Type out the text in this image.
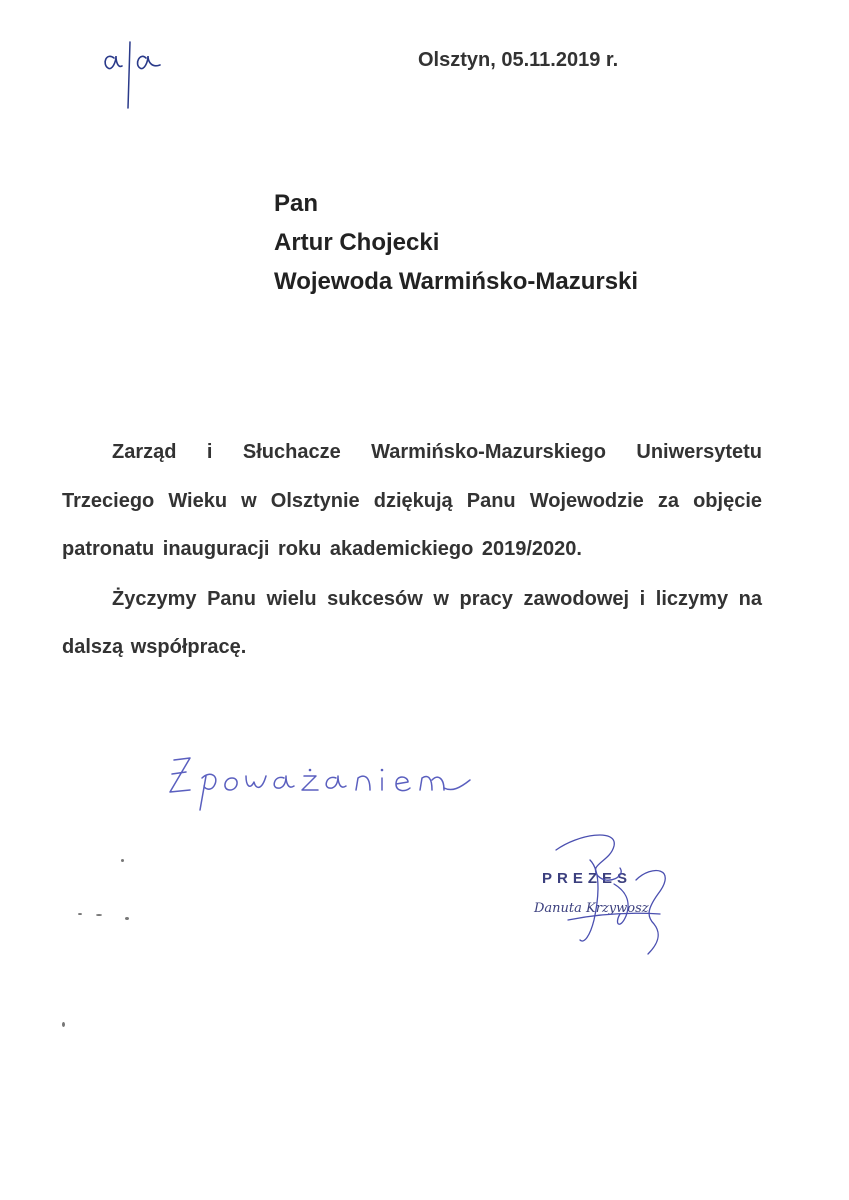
Olsztyn, 05.11.2019 r.
Pan
Artur Chojecki
Wojewoda Warmińsko-Mazurski

Zarząd i Słuchacze Warmińsko-Mazurskiego Uniwersytetu Trzeciego Wieku w Olsztynie dziękują Panu Wojewodzie za objęcie patronatu inauguracji roku akademickiego 2019/2020.

Życzymy Panu wielu sukcesów w pracy zawodowej i liczymy na dalszą współpracę.

PREZES
Danuta Krzywosz
